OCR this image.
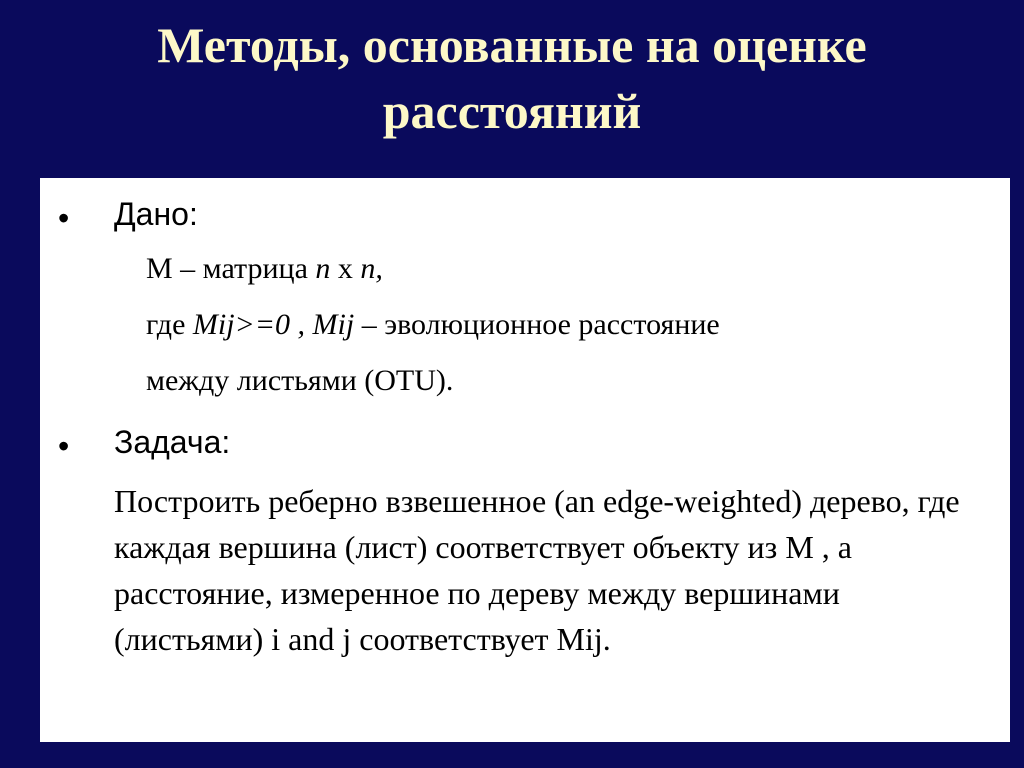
Методы, основанные на оценке
расстояний
• Дано:
М – матрица n х n,
где Mij>=0 , Mij – эволюционное расстояние
между листьями (OTU).
• Задача:
Построить реберно взвешенное (an edge-weighted) дерево, где каждая вершина (лист) соответствует объекту из М , а расстояние, измеренное по дереву между вершинами (листьями) i and j соответствует Mij.
